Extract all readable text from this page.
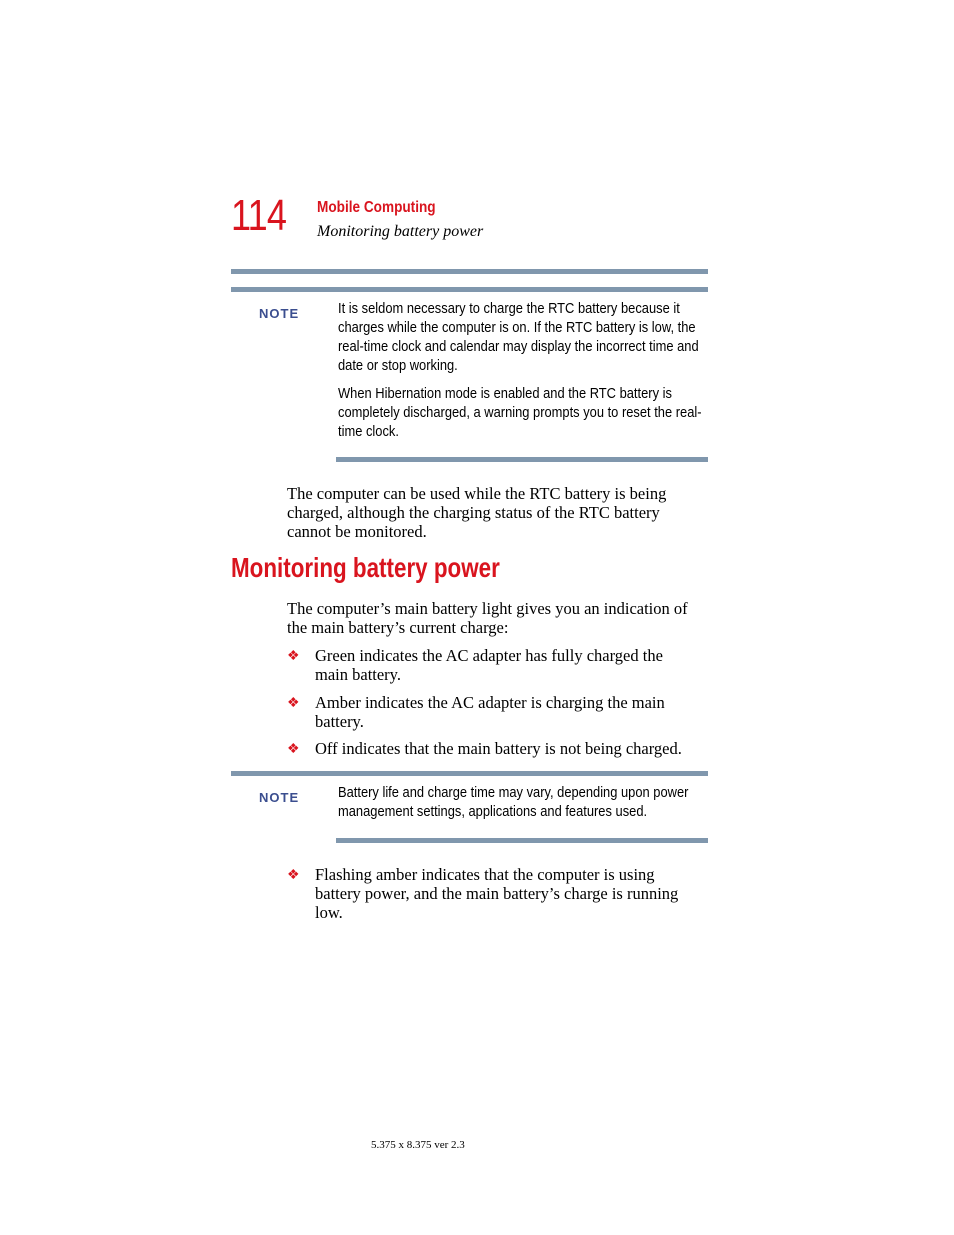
114 Mobile Computing
Monitoring battery power
NOTE	It is seldom necessary to charge the RTC battery because it charges while the computer is on. If the RTC battery is low, the real-time clock and calendar may display the incorrect time and date or stop working.
When Hibernation mode is enabled and the RTC battery is completely discharged, a warning prompts you to reset the real-time clock.
The computer can be used while the RTC battery is being charged, although the charging status of the RTC battery cannot be monitored.
Monitoring battery power
The computer’s main battery light gives you an indication of the main battery’s current charge:
❖ Green indicates the AC adapter has fully charged the main battery.
❖ Amber indicates the AC adapter is charging the main battery.
❖ Off indicates that the main battery is not being charged.
NOTE	Battery life and charge time may vary, depending upon power management settings, applications and features used.
❖ Flashing amber indicates that the computer is using battery power, and the main battery’s charge is running low.
5.375 x 8.375 ver 2.3
